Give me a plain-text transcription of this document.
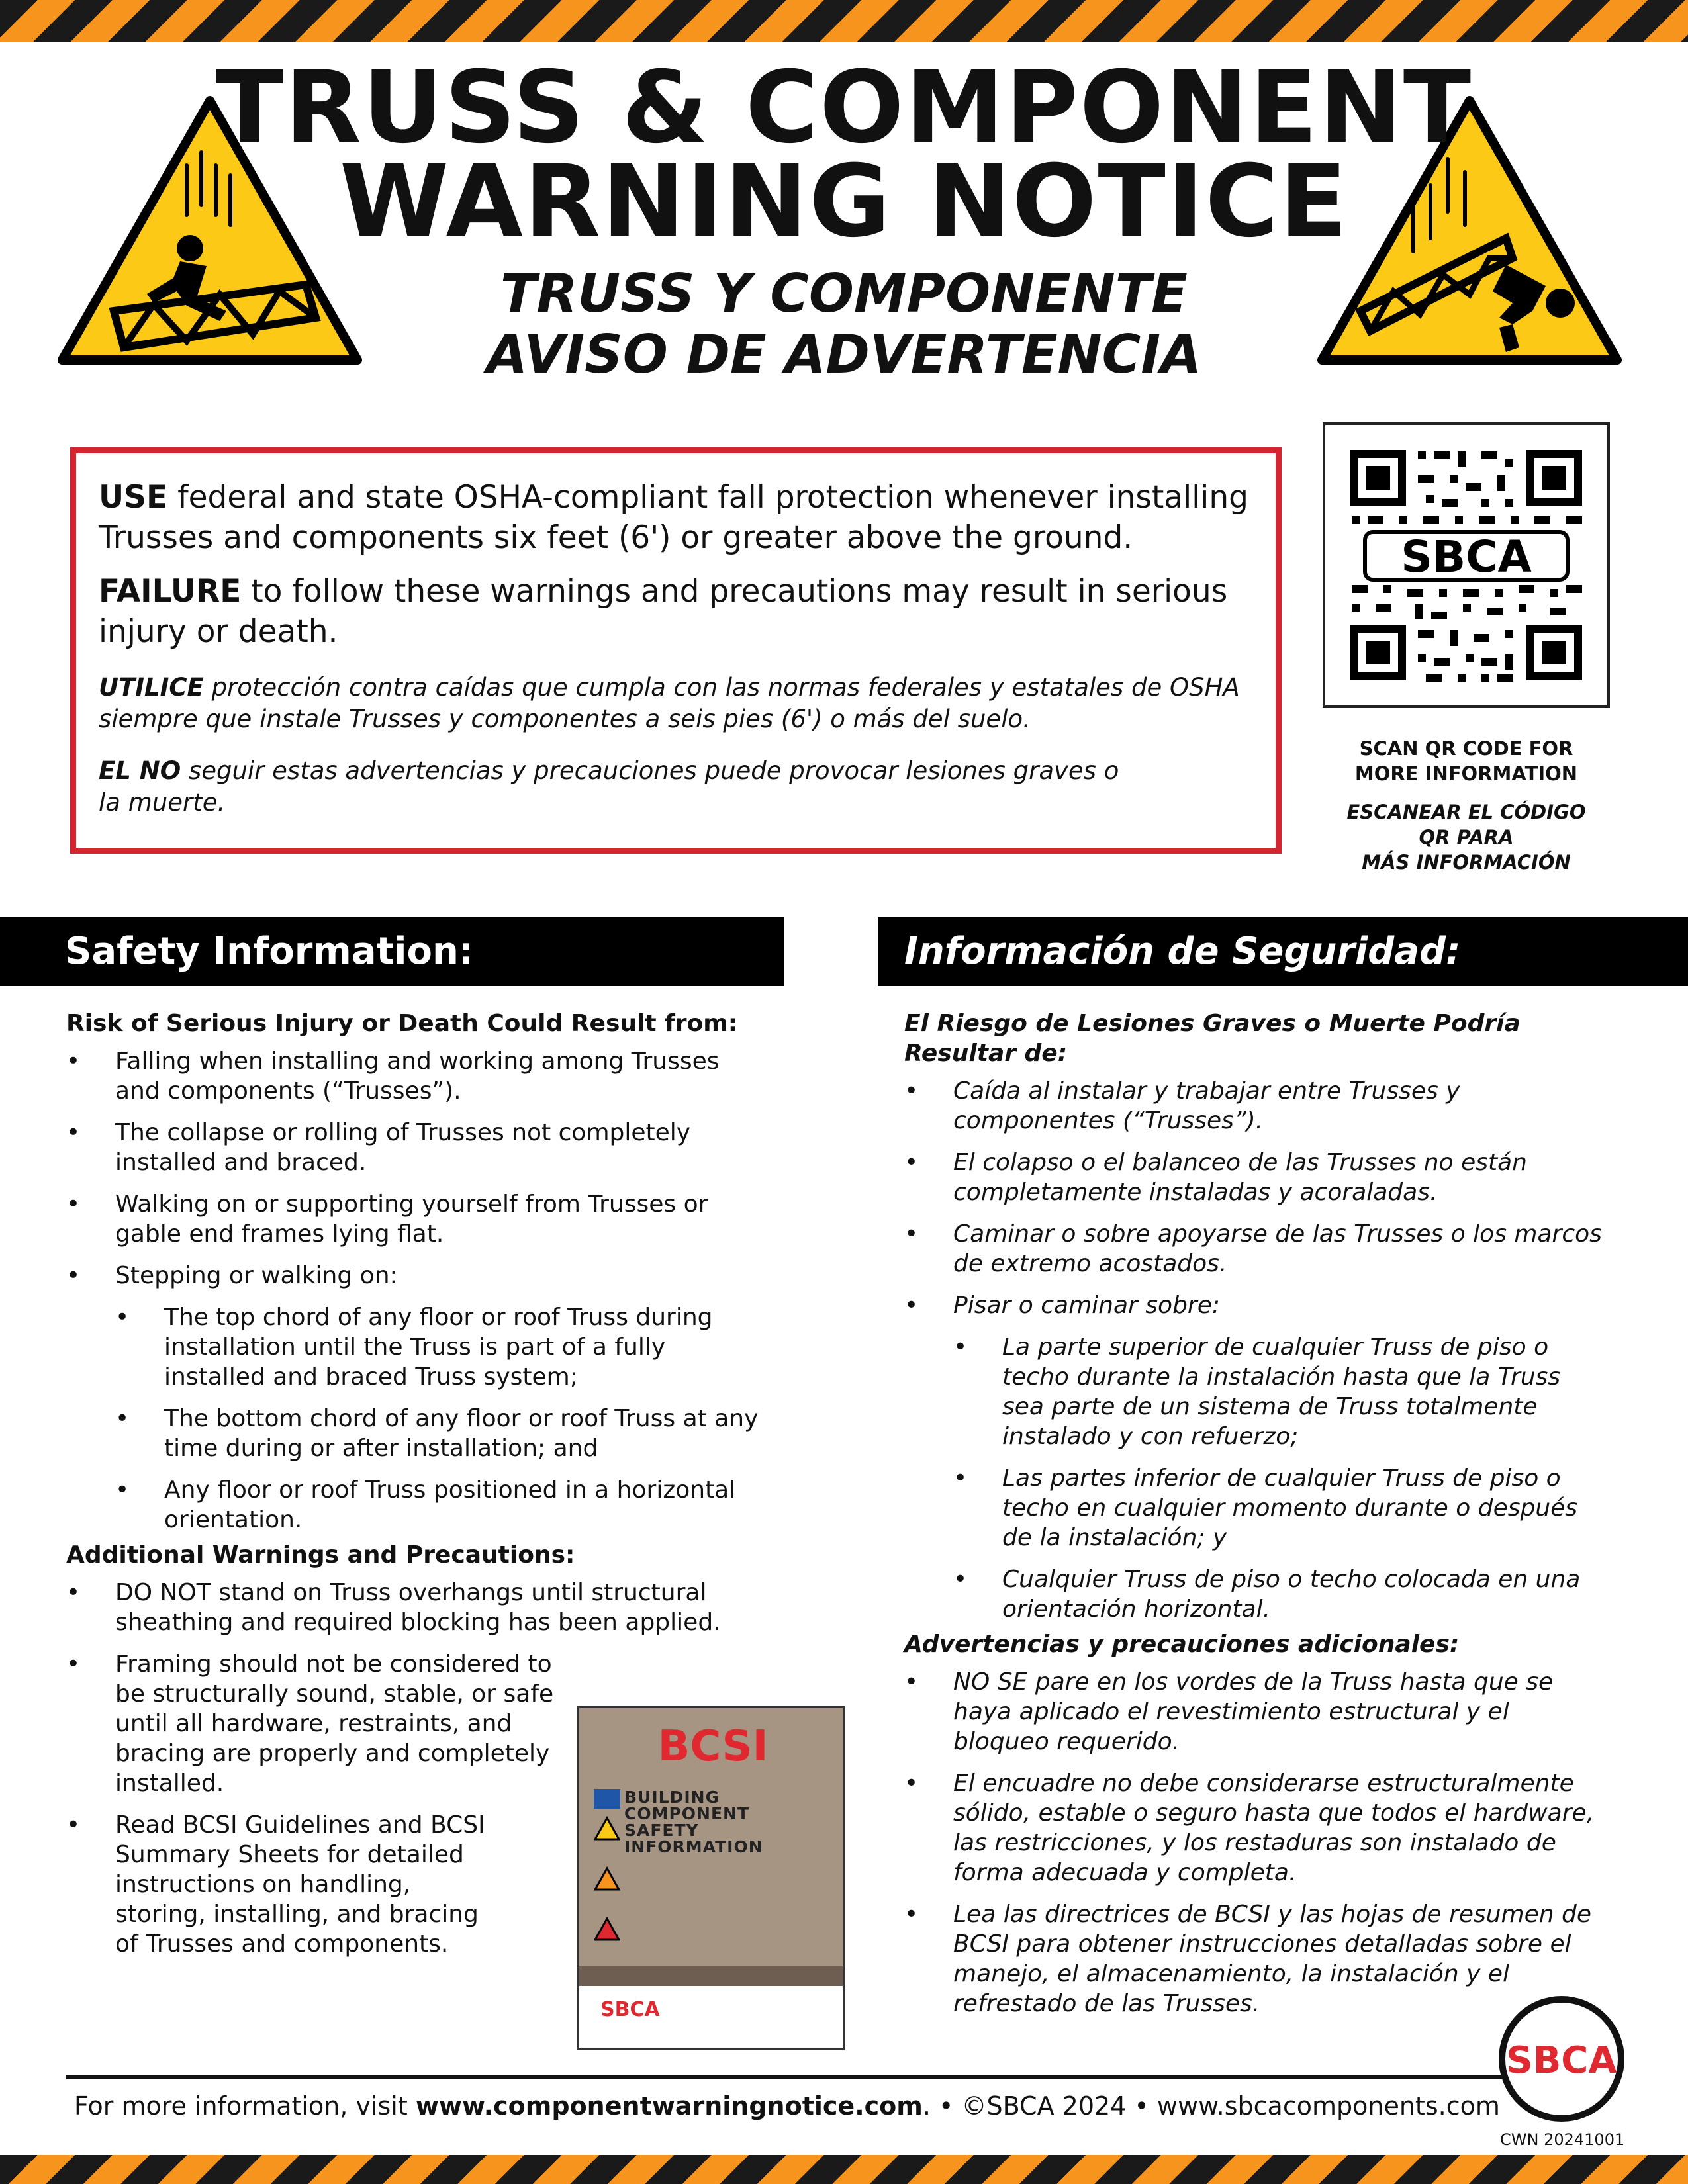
TRUSS & COMPONENT
WARNING NOTICE
TRUSS Y COMPONENTE
AVISO DE ADVERTENCIA

USE federal and state OSHA-compliant fall protection whenever installing Trusses and components six feet (6') or greater above the ground.

FAILURE to follow these warnings and precautions may result in serious injury or death.

UTILICE protección contra caídas que cumpla con las normas federales y estatales de OSHA siempre que instale Trusses y componentes a seis pies (6') o más del suelo.

EL NO seguir estas advertencias y precauciones puede provocar lesiones graves o la muerte.

SBCA
SCAN QR CODE FOR
MORE INFORMATION
ESCANEAR EL CÓDIGO
QR PARA
MÁS INFORMACIÓN
Safety Information:	Información de Seguridad:
Risk of Serious Injury or Death Could Result from:
• Falling when installing and working among Trusses and components (“Trusses”).
• The collapse or rolling of Trusses not completely installed and braced.
• Walking on or supporting yourself from Trusses or gable end frames lying flat.
• Stepping or walking on:
• The top chord of any floor or roof Truss during installation until the Truss is part of a fully installed and braced Truss system;
• The bottom chord of any floor or roof Truss at any time during or after installation; and
• Any floor or roof Truss positioned in a horizontal orientation.
Additional Warnings and Precautions:
• DO NOT stand on Truss overhangs until structural sheathing and required blocking has been applied.
• Framing should not be considered to be structurally sound, stable, or safe until all hardware, restraints, and bracing are properly and completely installed.
• Read BCSI Guidelines and BCSI Summary Sheets for detailed instructions on handling, storing, installing, and bracing of Trusses and components.
BCSI
BUILDING
COMPONENT
SAFETY
INFORMATION
SBCA
El Riesgo de Lesiones Graves o Muerte Podría Resultar de:
• Caída al instalar y trabajar entre Trusses y componentes (“Trusses”).
• El colapso o el balanceo de las Trusses no están completamente instaladas y acoraladas.
• Caminar o sobre apoyarse de las Trusses o los marcos de extremo acostados.
• Pisar o caminar sobre:
• La parte superior de cualquier Truss de piso o techo durante la instalación hasta que la Truss sea parte de un sistema de Truss totalmente instalado y con refuerzo;
• Las partes inferior de cualquier Truss de piso o techo en cualquier momento durante o después de la instalación; y
• Cualquier Truss de piso o techo colocada en una orientación horizontal.
Advertencias y precauciones adicionales:
• NO SE pare en los vordes de la Truss hasta que se haya aplicado el revestimiento estructural y el bloqueo requerido.
• El encuadre no debe considerarse estructuralmente sólido, estable o seguro hasta que todos el hardware, las restricciones, y los restaduras son instalado de forma adecuada y completa.
• Lea las directrices de BCSI y las hojas de resumen de BCSI para obtener instrucciones detalladas sobre el manejo, el almacenamiento, la instalación y el refrestado de las Trusses.
For more information, visit www.componentwarningnotice.com. • ©SBCA 2024 • www.sbcacomponents.com
SBCA
CWN 20241001
